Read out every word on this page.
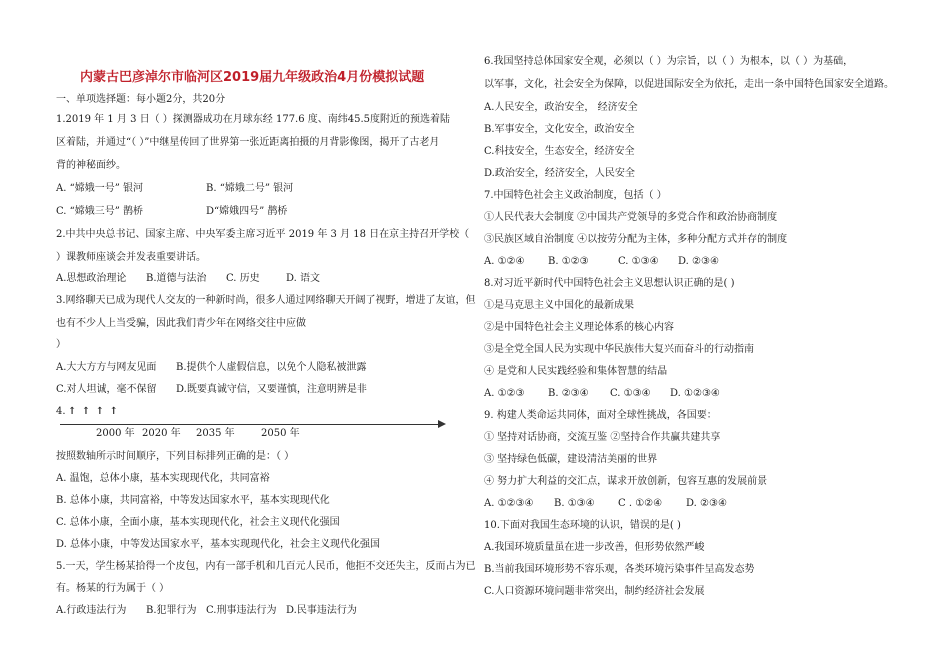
内蒙古巴彦淖尔市临河区2019届九年级政治4月份模拟试题
一、单项选择题：每小题2分，共20分
1.2019 年 1 月 3 日（ ）探测器成功在月球东经 177.6 度、南纬45.5度附近的预选着陆
区着陆，并通过“（ ）”中继星传回了世界第一张近距离拍摄的月背影像图，揭开了古老月
背的神秘面纱。
A. “嫦娥一号” 银河	B. “嫦娥二号” 银河
C. “嫦娥三号” 鹊桥	D“嫦娥四号” 鹊桥
2.中共中央总书记、国家主席、中央军委主席习近平 2019 年 3 月 18 日在京主持召开学校（
）课教师座谈会并发表重要讲话。
A.思想政治理论 B.道德与法治 C. 历史	D. 语文
3.网络聊天已成为现代人交友的一种新时尚，很多人通过网络聊天开阔了视野，增进了友谊，但
也有不少人上当受骗，因此我们青少年在网络交往中应做
）
A.大大方方与网友见面 B.提供个人虚假信息，以免个人隐私被泄露
C.对人坦诚，毫不保留 D.既要真诚守信，又要谨慎，注意明辨是非
4. ↑ ↑ ↑ ↑
2000 年 2020 年 2035 年	2050 年
按照数轴所示时间顺序，下列目标排列正确的是：（ ）
A. 温饱，总体小康，基本实现现代化，共同富裕
B. 总体小康，共同富裕，中等发达国家水平，基本实现现代化
C. 总体小康，全面小康，基本实现现代化，社会主义现代化强国
D. 总体小康，中等发达国家水平，基本实现现代化，社会主义现代化强国
5.一天，学生杨某拾得一个皮包，内有一部手机和几百元人民币，他拒不交还失主，反而占为已
有。杨某的行为属于（ ）
A.行政违法行为 B.犯罪行为 C.刑事违法行为 D.民事违法行为
6.我国坚持总体国家安全观，必须以（ ）为宗旨，以（ ）为根本，以（ ）为基础，
以军事，文化，社会安全为保障，以促进国际安全为依托，走出一条中国特色国家安全道路。
A.人民安全，政治安全， 经济安全
B.军事安全，文化安全，政治安全
C.科技安全，生态安全，经济安全
D.政治安全，经济安全，人民安全
7.中国特色社会主义政治制度，包括（ ）
①人民代表大会制度 ②中国共产党领导的多党合作和政治协商制度
③民族区域自治制度 ④以按劳分配为主体，多种分配方式并存的制度
A. ①②④ B. ①②③	C. ①③④ D. ②③④
8.对习近平新时代中国特色社会主义思想认识正确的是( )
①是马克思主义中国化的最新成果
②是中国特色社会主义理论体系的核心内容
③是全党全国人民为实现中华民族伟大复兴而奋斗的行动指南
④ 是党和人民实践经验和集体智慧的结晶
A. ①②③ B. ②③④ C. ①③④ D. ①②③④
9. 构建人类命运共同体，面对全球性挑战，各国要：
① 坚持对话协商，交流互鉴 ②坚持合作共赢共建共享
③ 坚持绿色低碳，建设清洁美丽的世界
④ 努力扩大利益的交汇点，谋求开放创新，包容互惠的发展前景
A. ①②③④ B. ①③④ C . ①②④ D. ②③④
10.下面对我国生态环境的认识，错误的是( )
A.我国环境质量虽在进一步改善，但形势依然严峻
B.当前我国环境形势不容乐观，各类环境污染事件呈高发态势
C.人口资源环境问题非常突出，制约经济社会发展
